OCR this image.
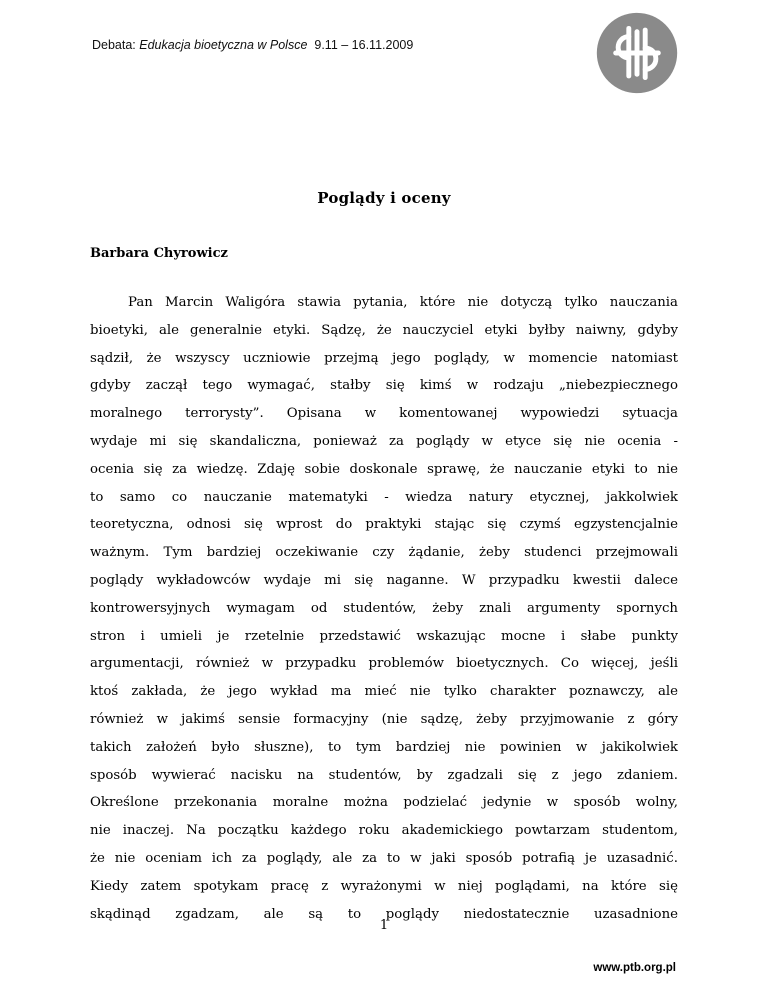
Debata: Edukacja bioetyczna w Polsce  9.11 – 16.11.2009
Poglądy i oceny
Barbara Chyrowicz
Pan Marcin Waligóra stawia pytania, które nie dotyczą tylko nauczania
bioetyki, ale generalnie etyki. Sądzę, że nauczyciel etyki byłby naiwny, gdyby
sądził, że wszyscy uczniowie przejmą jego poglądy, w momencie natomiast
gdyby zaczął tego wymagać, stałby się kimś w rodzaju „niebezpiecznego
moralnego terrorysty”. Opisana w komentowanej wypowiedzi sytuacja
wydaje mi się skandaliczna, ponieważ za poglądy w etyce się nie ocenia -
ocenia się za wiedzę. Zdaję sobie doskonale sprawę, że nauczanie etyki to nie
to samo co nauczanie matematyki - wiedza natury etycznej, jakkolwiek
teoretyczna, odnosi się wprost do praktyki stając się czymś egzystencjalnie
ważnym. Tym bardziej oczekiwanie czy żądanie, żeby studenci przejmowali
poglądy wykładowców wydaje mi się naganne. W przypadku kwestii dalece
kontrowersyjnych wymagam od studentów, żeby znali argumenty spornych
stron i umieli je rzetelnie przedstawić wskazując mocne i słabe punkty
argumentacji, również w przypadku problemów bioetycznych. Co więcej, jeśli
ktoś zakłada, że jego wykład ma mieć nie tylko charakter poznawczy, ale
również w jakimś sensie formacyjny (nie sądzę, żeby przyjmowanie z góry
takich założeń było słuszne), to tym bardziej nie powinien w jakikolwiek
sposób wywierać nacisku na studentów, by zgadzali się z jego zdaniem.
Określone przekonania moralne można podzielać jedynie w sposób wolny,
nie inaczej. Na początku każdego roku akademickiego powtarzam studentom,
że nie oceniam ich za poglądy, ale za to w jaki sposób potrafią je uzasadnić.
Kiedy zatem spotykam pracę z wyrażonymi w niej poglądami, na które się
skądinąd zgadzam, ale są to poglądy niedostatecznie uzasadnione
1
www.ptb.org.pl
